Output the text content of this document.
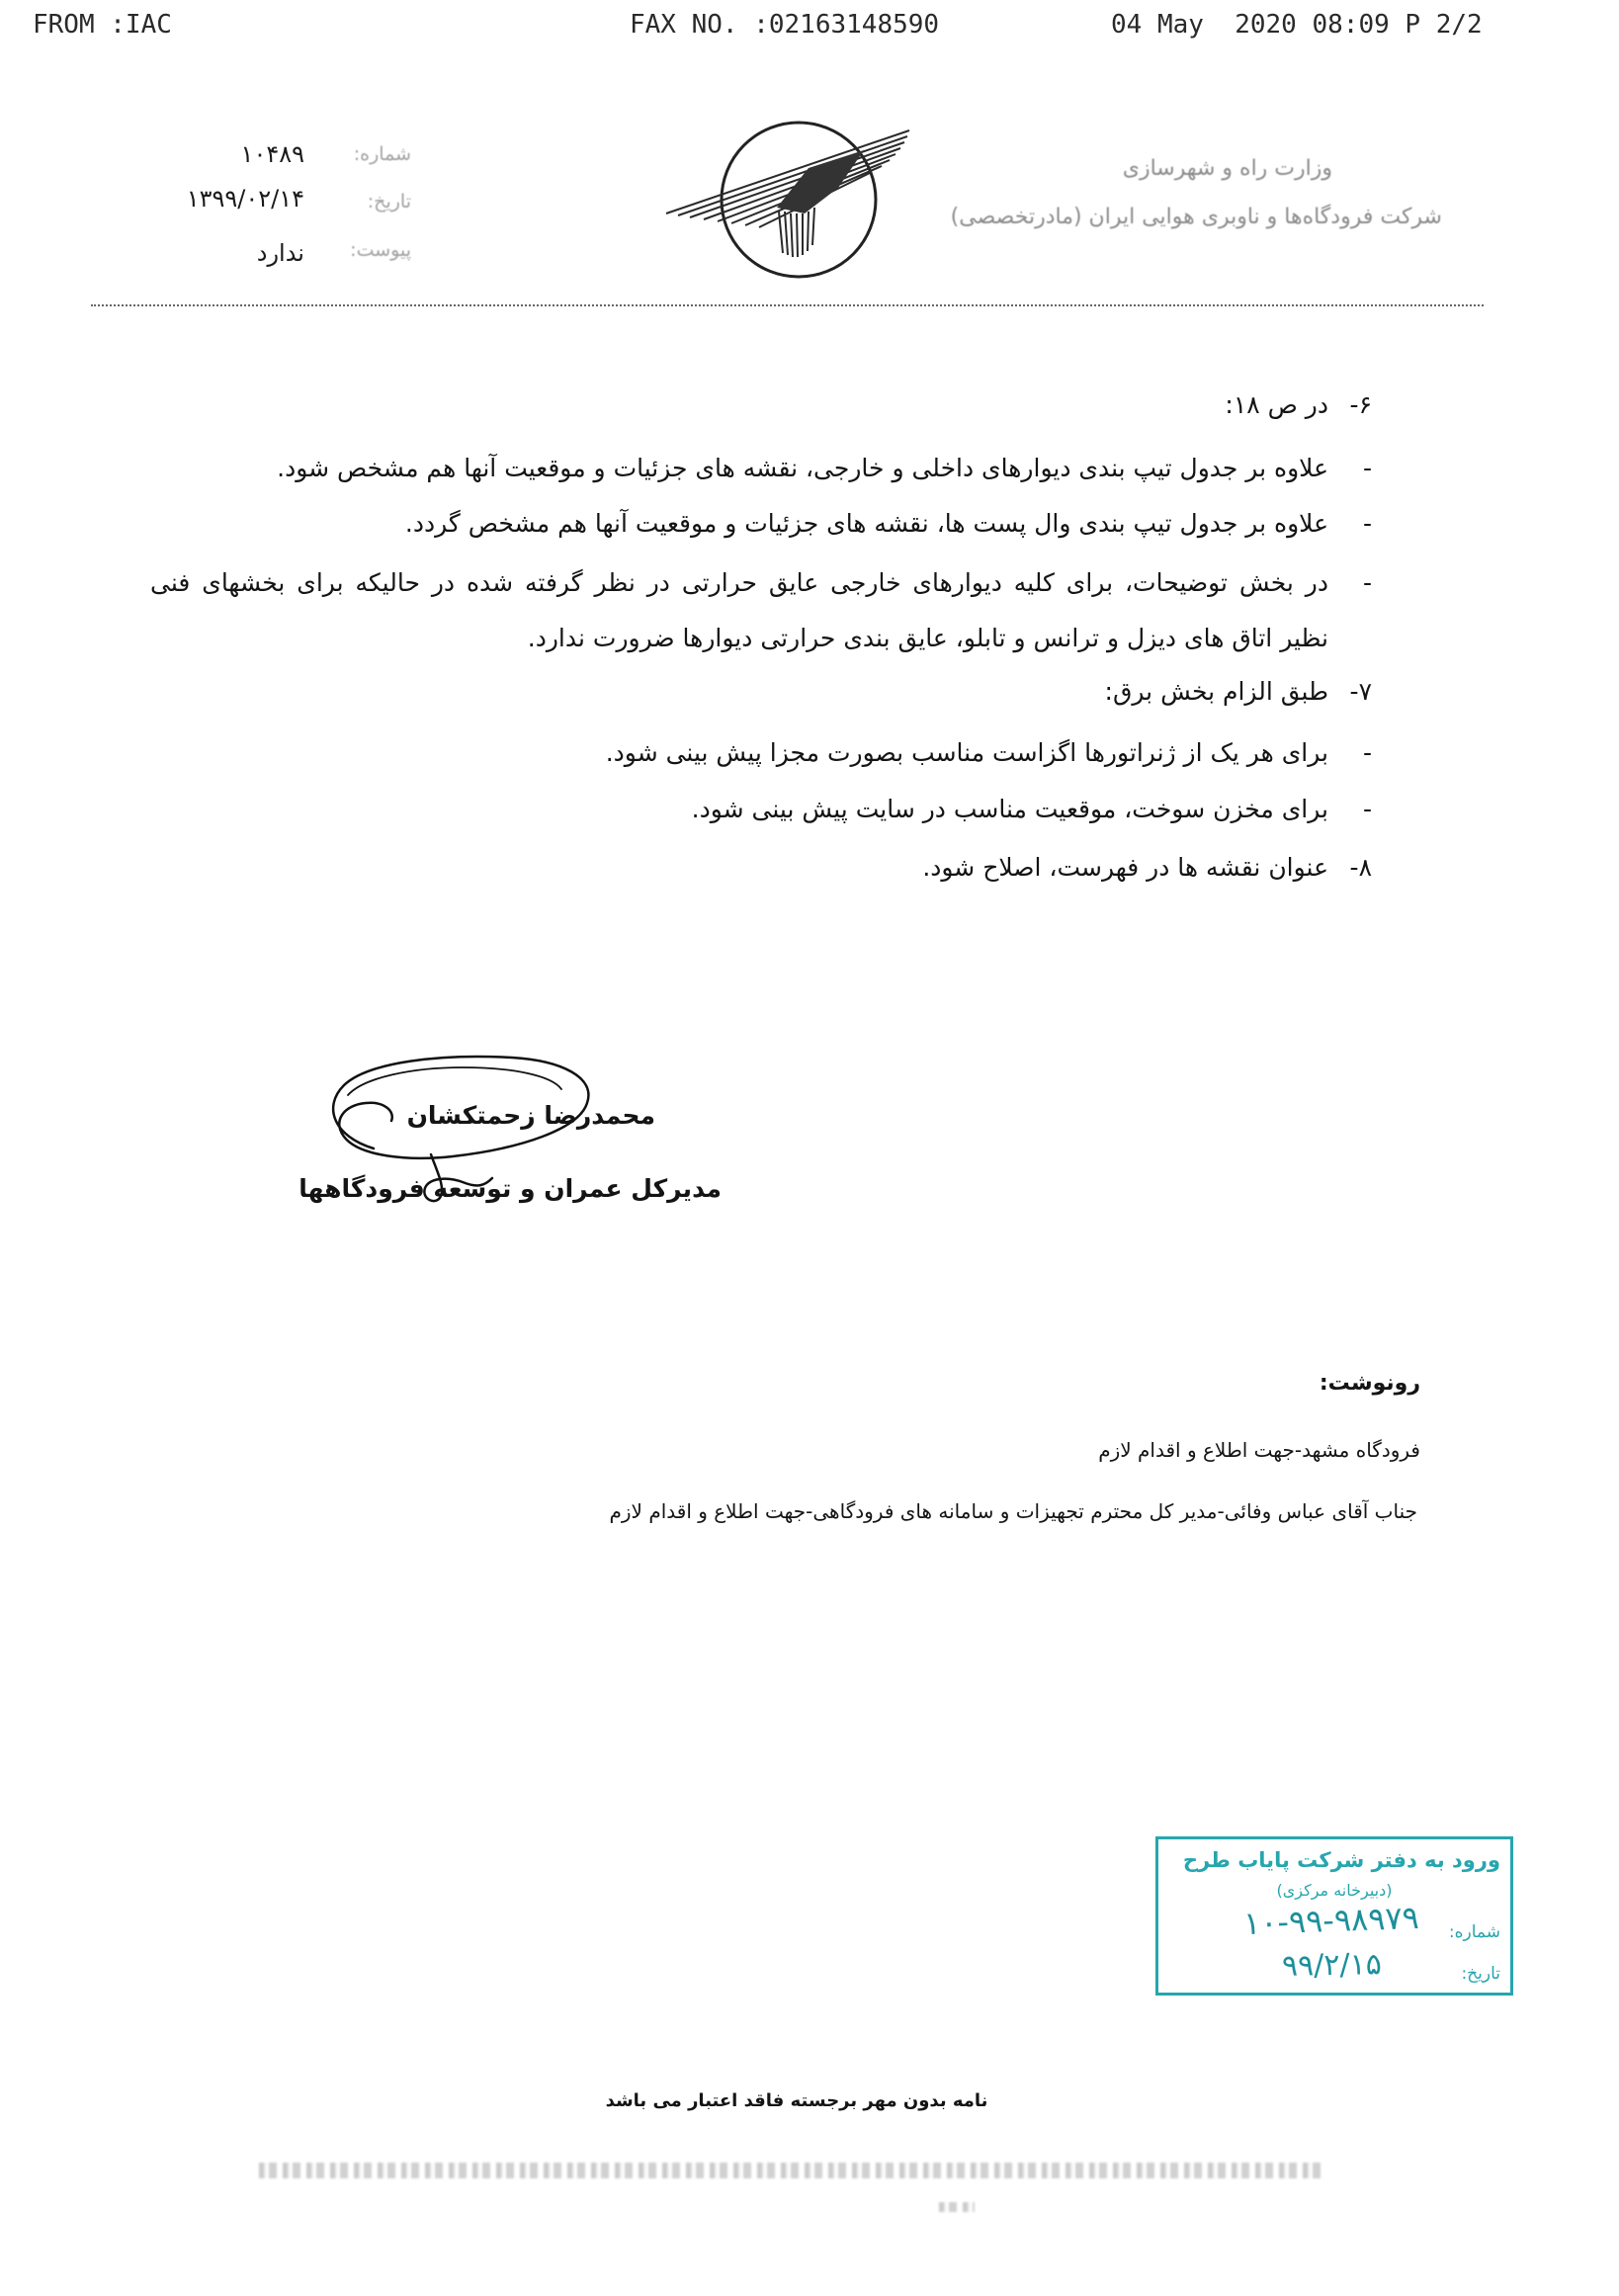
FROM :IAC	FAX NO. :02163148590	04 May  2020 08:09 P 2/2
شماره:
۱۰۴۸۹
تاریخ:
۱۳۹۹/۰۲/۱۴
پیوست:
ندارد
وزارت راه و شهرسازی
شرکت فرودگاه‌ها و ناوبری هوایی ایران (مادرتخصصی)
۶-در ص ۱۸:
-علاوه بر جدول تیپ بندی دیوارهای داخلی و خارجی، نقشه های جزئیات و موقعیت آنها هم مشخص شود.
-علاوه بر جدول تیپ بندی وال پست ها، نقشه های جزئیات و موقعیت آنها هم مشخص گردد.
-در بخش توضیحات، برای کلیه دیوارهای خارجی عایق حرارتی در نظر گرفته شده در حالیکه برای بخشهای فنی
نظیر اتاق های دیزل و ترانس و تابلو، عایق بندی حرارتی دیوارها ضرورت ندارد.
۷-طبق الزام بخش برق:
-برای هر یک از ژنراتورها اگزاست مناسب بصورت مجزا پیش بینی شود.
-برای مخزن سوخت، موقعیت مناسب در سایت پیش بینی شود.
۸-عنوان نقشه ها در فهرست، اصلاح شود.
محمدرضا زحمتکشان
مدیرکل عمران و توسعه فرودگاهها
رونوشت:
فرودگاه مشهد-جهت اطلاع و اقدام لازم
جناب آقای عباس وفائی-مدیر کل محترم تجهیزات و سامانه های فرودگاهی-جهت اطلاع و اقدام لازم
ورود به دفتر شرکت پایاب طرح
(دبیرخانه مرکزی)
شماره:
۱۰-۹۹-۹۸۹۷۹
تاریخ:
۹۹/۲/۱۵
نامه بدون مهر برجسته فاقد اعتبار می باشد
